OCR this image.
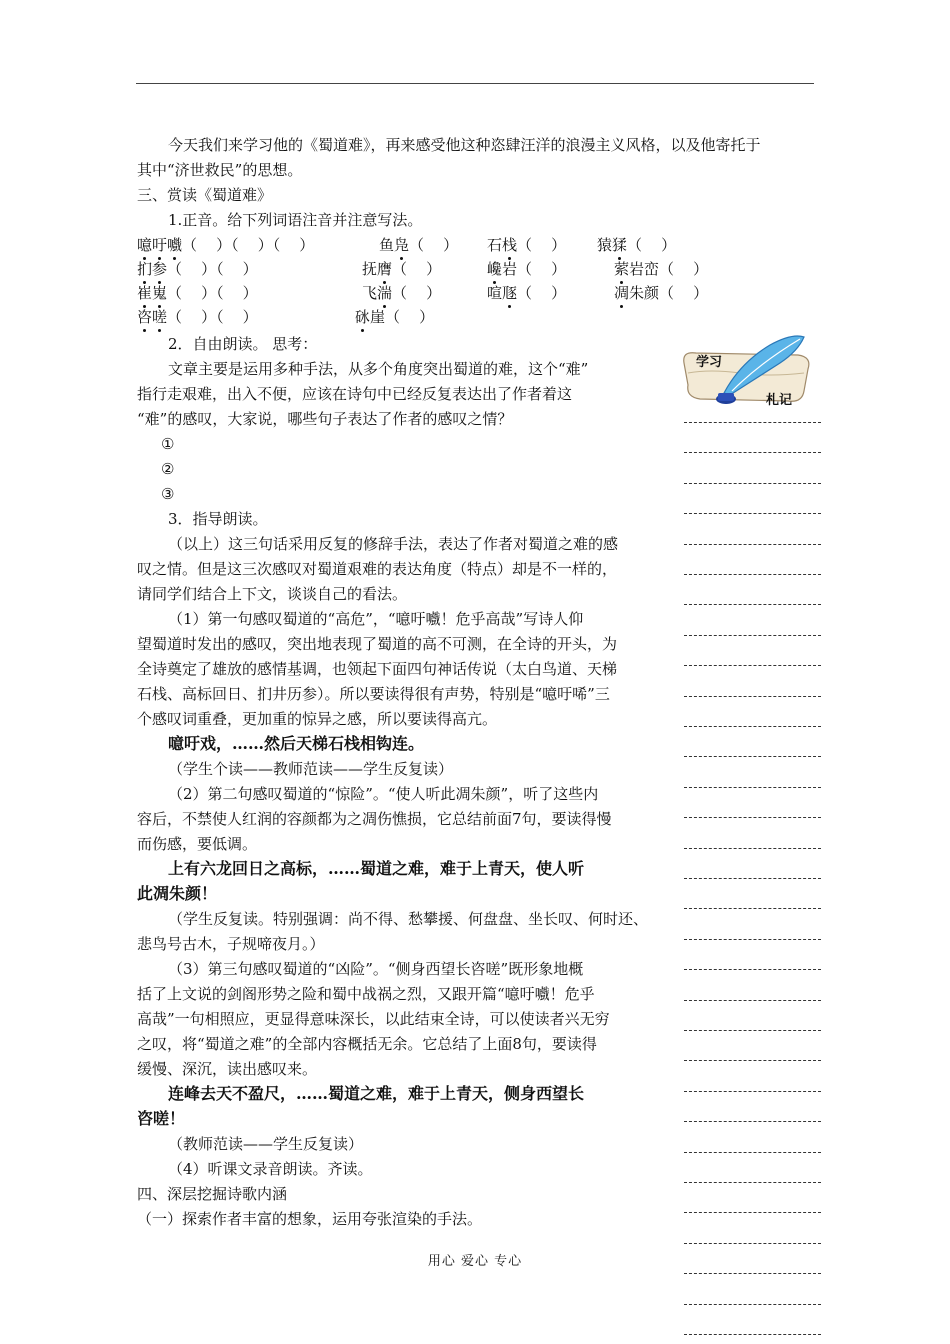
今天我们来学习他的《蜀道难》，再来感受他这种恣肆汪洋的浪漫主义风格，以及他寄托于
其中“济世救民”的思想。
三、赏读《蜀道难》
1.正音。给下列词语注音并注意写法。
2．自由朗读。 思考：
文章主要是运用多种手法，从多个角度突出蜀道的难，这个“难”
指行走艰难，出入不便，应该在诗句中已经反复表达出了作者着这
“难”的感叹，大家说，哪些句子表达了作者的感叹之情？
①
②
③
3．指导朗读。
（以上）这三句话采用反复的修辞手法，表达了作者对蜀道之难的感
叹之情。但是这三次感叹对蜀道艰难的表达角度（特点）却是不一样的，
请同学们结合上下文，谈谈自己的看法。
（1）第一句感叹蜀道的“高危”，“噫吁嚱！危乎高哉”写诗人仰
望蜀道时发出的感叹，突出地表现了蜀道的高不可测，在全诗的开头，为
全诗奠定了雄放的感情基调，也领起下面四句神话传说（太白鸟道、天梯
石栈、高标回日、扪井历参）。所以要读得很有声势，特别是“噫吁唏”三
个感叹词重叠，更加重的惊异之感，所以要读得高亢。
噫吁戏，……然后天梯石栈相钩连。
（学生个读——教师范读——学生反复读）
（2）第二句感叹蜀道的“惊险”。“使人听此凋朱颜”，听了这些内
容后，不禁使人红润的容颜都为之凋伤憔损，它总结前面7句，要读得慢
而伤感，要低调。
上有六龙回日之高标，……蜀道之难，难于上青天，使人听
此凋朱颜！
（学生反复读。特别强调：尚不得、愁攀援、何盘盘、坐长叹、何时还、
悲鸟号古木，子规啼夜月。）
（3）第三句感叹蜀道的“凶险”。“侧身西望长咨嗟”既形象地概
括了上文说的剑阁形势之险和蜀中战祸之烈，又跟开篇“噫吁嚱！危乎
高哉”一句相照应，更显得意味深长，以此结束全诗，可以使读者兴无穷
之叹，将“蜀道之难”的全部内容概括无余。它总结了上面8句，要读得
缓慢、深沉，读出感叹来。
连峰去天不盈尺，……蜀道之难，难于上青天，侧身西望长
咨嗟！
（教师范读——学生反复读）
（4）听课文录音朗读。齐读。
四、深层挖掘诗歌内涵
（一）探索作者丰富的想象，运用夸张渲染的手法。
噫吁嚱（    ）（    ）（    ）	鱼凫（    ） 石栈（    ） 猿猱（    ）
扪参（    ）（    ）	抚膺（    ）	巉岩（    ）	萦岩峦（    ）
崔嵬（    ）（    ）	飞湍（    ）	喧豗（    ）	凋朱颜（    ）
咨嗟（    ）（    ）	砯崖（    ）
学习
札记
用心 爱心 专心
